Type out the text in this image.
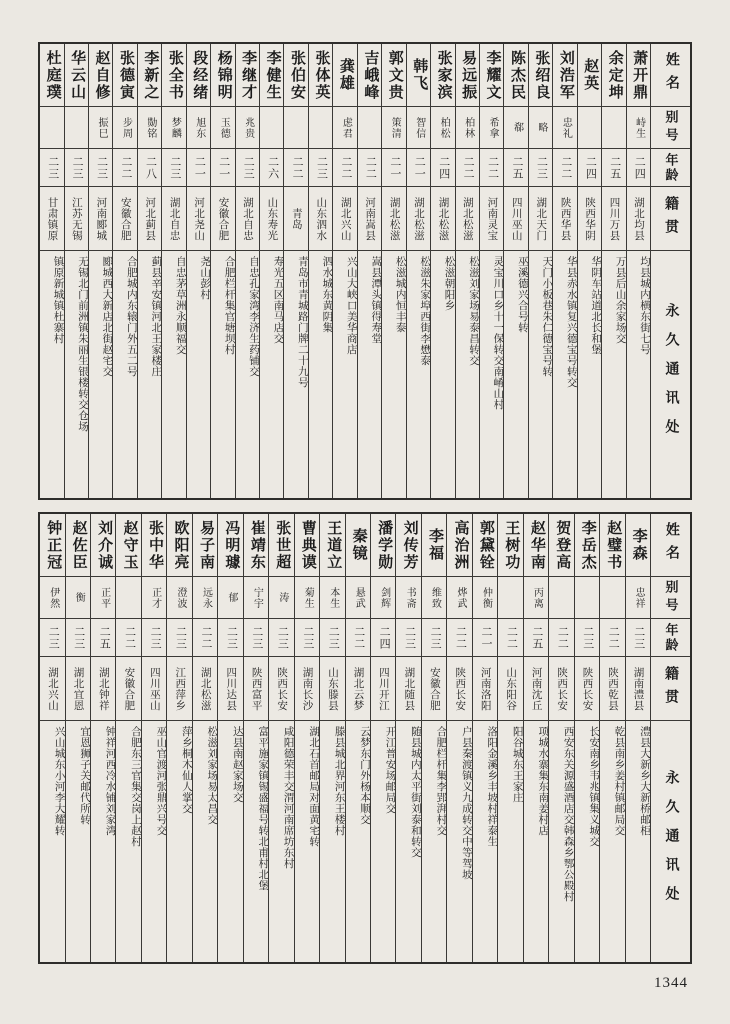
姓名
别号
年龄
籍贯
永久通讯处
萧开鼎
峙生
二四
湖北均县
均县城内横东街七号
余定坤
二五
四川万县
万县后山余家场交
赵英
二四
陕西华阴
华阴车站道北长和堡
刘浩军
忠礼
二二
陕西华县
华县赤水镇复兴德宝号转交
张绍良
略
二三
湖北天门
天门小板巷朱仁德宝号转
陈杰民
郗
二五
四川巫山
巫溪德兴合号转
李耀文
希拿
二二
河南灵宝
灵宝川口乡十一保转交南崤山村
易远振
柏林
二二
湖北松滋
松滋刘家场易泰昌转交
张家滨
柏松
二四
湖北松滋
松滋朝阳乡
韩飞
智信
二一
湖北松滋
松滋朱家埠西街李懋泰
郭文贵
策清
二一
湖北松滋
松滋城内恒丰泰
吉峨峰
二二
河南嵩县
嵩县潭头镇得寿堂
龚雄
虑君
二二
湖北兴山
兴山大峡口美华商店
张体英
二三
山东泗水
泗水城东黄阴集
张伯安
二二
青岛
青岛市青城路门牌二十九号
李健生
二六
山东寿光
寿光五区南马店交
李继才
兆贵
二三
湖北自忠
自忠孔家湾李济生药铺交
杨锦明
玉德
二一
安徽合肥
合肥栏杆集官塘坝村
段经绪
旭东
二一
河北尧山
尧山彭村
张全书
梦麟
二三
湖北自忠
自忠茅草洲永顺福交
李新之
勚铭
二八
河北蓟县
蓟县辛安镇河北王家楼庄
张德寅
步周
二二
安徽合肥
合肥城内东辕门外五二号
赵自修
振巳
二三
河南郾城
郾城西大新店北街赵宅交
华云山
二三
江苏无锡
无锡北门前洲镇朱丽生银楼转交仓场
杜庭璞
二三
甘肃镇原
镇原新城镇杜寨村
姓名
别号
年龄
籍贯
永久通讯处
李森
忠祥
二三
湖南澧县
澧县大新乡大新桥邮柜
赵璧书
二二
陕西乾县
乾县南乡姜村镇邮局交
李岳杰
二三
陕西长安
长安南乡韦兆镇集义城交
贺登高
二二
陕西长安
西安东关源盛酒店交韩森乡鄂公殿村
赵华南
丙离
二五
河南沈丘
项城水寨集东南姜村店
王树功
二二
山东阳谷
阳谷城东王家庄
郭黛铨
仲衡
二一
河南洛阳
洛阳金溪乡丰坡村祥泰生
高治洲
烨武
二二
陕西长安
户县秦渡镇义九成转交中等驾坡
李福
维致
二三
安徽合肥
合肥栏杆集李郢湃村交
刘传芳
书斋
二三
湖北随县
随县城内太平街刘泰和转交
潘学勋
剑辉
二四
四川开江
开江普安场邮局交
秦镜
悬武
二二
湖北云梦
云梦东门外杨本顺交
王道立
本生
二三
山东滕县
滕县城北界河东王楼村
曹典谟
菊生
二三
湖南长沙
湖北石首邮局对面黄宅转
张世超
涛
二三
陕西长安
咸阳德荣丰交渭河南席坊东村
崔靖东
宁宇
二三
陕西富平
富平施家镇锡盛福号转北甫村北堡
冯明璩
郁
二三
四川达县
达县南赵家场交
易子南
远永
二二
湖北松滋
松滋刘家场易太昌交
欧阳亮
澄波
二三
江西萍乡
萍乡桐木仙人掌交
张中华
正才
二三
四川巫山
巫山官渡河张鼎兴号交
赵守玉
二二
安徽合肥
合肥东三官集交岗上赵村
刘介诚
正平
二五
湖北钟祥
钟祥河西冷水铺刘家湾
赵佐臣
衡
二三
湖北宜恩
宜恩狮子关邮代所转
钟正冠
伊然
二三
湖北兴山
兴山城东小河李大耀转
1344
